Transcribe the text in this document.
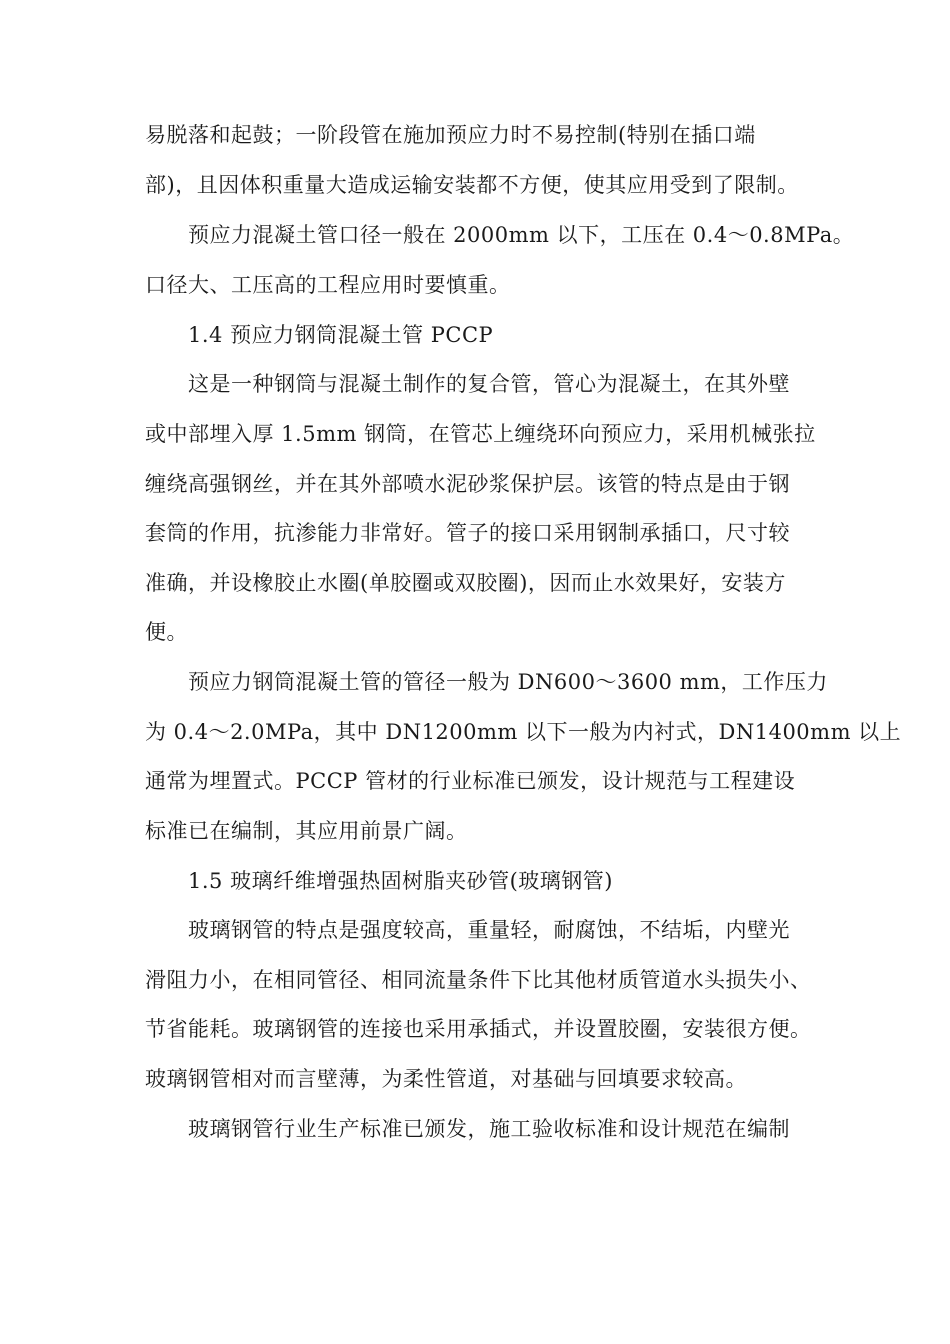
易脱落和起鼓；一阶段管在施加预应力时不易控制(特别在插口端
部)，且因体积重量大造成运输安装都不方便，使其应用受到了限制。
预应力混凝土管口径一般在 2000mm 以下，工压在 0.4～0.8MPa。
口径大、工压高的工程应用时要慎重。
1.4 预应力钢筒混凝土管 PCCP
这是一种钢筒与混凝土制作的复合管，管心为混凝土，在其外壁
或中部埋入厚 1.5mm 钢筒，在管芯上缠绕环向预应力，采用机械张拉
缠绕高强钢丝，并在其外部喷水泥砂浆保护层。该管的特点是由于钢
套筒的作用，抗渗能力非常好。管子的接口采用钢制承插口，尺寸较
准确，并设橡胶止水圈(单胶圈或双胶圈)，因而止水效果好，安装方
便。
预应力钢筒混凝土管的管径一般为 DN600～3600 mm，工作压力
为 0.4～2.0MPa，其中 DN1200mm 以下一般为内衬式，DN1400mm 以上
通常为埋置式。PCCP 管材的行业标准已颁发，设计规范与工程建设
标准已在编制，其应用前景广阔。
1.5 玻璃纤维增强热固树脂夹砂管(玻璃钢管)
玻璃钢管的特点是强度较高，重量轻，耐腐蚀，不结垢，内壁光
滑阻力小，在相同管径、相同流量条件下比其他材质管道水头损失小、
节省能耗。玻璃钢管的连接也采用承插式，并设置胶圈，安装很方便。
玻璃钢管相对而言壁薄，为柔性管道，对基础与回填要求较高。
玻璃钢管行业生产标准已颁发，施工验收标准和设计规范在编制
